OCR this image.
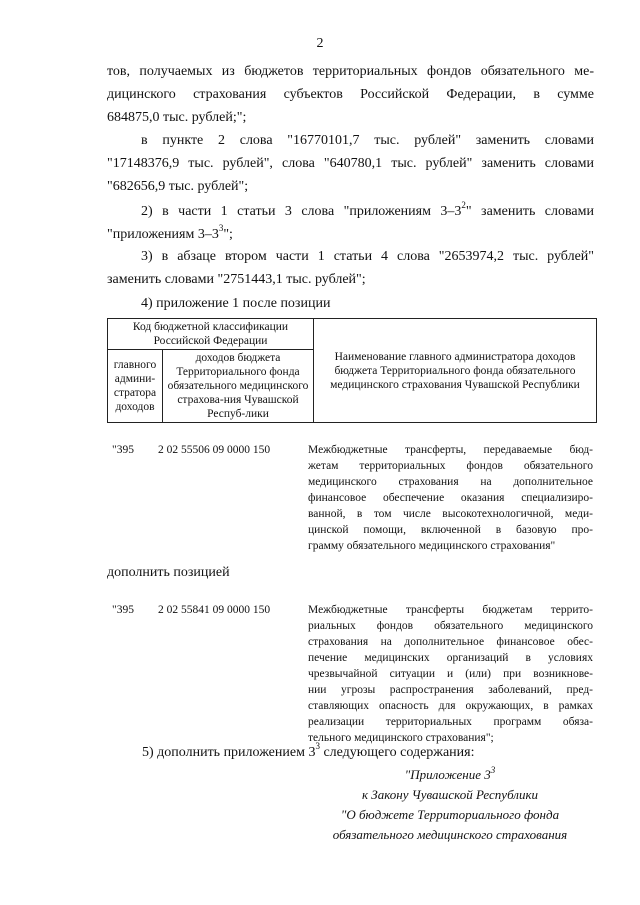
2
тов, получаемых из бюджетов территориальных фондов обязательного ме-
дицинского страхования субъектов Российской Федерации, в сумме
684875,0 тыс. рублей;";
в пункте 2 слова "16770101,7 тыс. рублей" заменить словами
"17148376,9 тыс. рублей", слова "640780,1 тыс. рублей" заменить словами
"682656,9 тыс. рублей";
2) в части 1 статьи 3 слова "приложениям $3-3^2$" заменить словами
"приложениям $3-3^3$";
3) в абзаце втором части 1 статьи 4 слова "2653974,2 тыс. рублей"
заменить словами "2751443,1 тыс. рублей";
4) приложение 1 после позиции
Код бюджетной классификации Российской Федерации		Наименование главного администратора доходов бюджета Территориального фонда обязательного медицинского страхования Чувашской Республики
главного админи-стратора доходов	доходов бюджета Территориального фонда обязательного медицинского страхова-ния Чувашской Респуб-лики	
"395	2 02 55506 09 0000 150	Межбюджетные трансферты, передаваемые бюд-
жетам территориальных фондов обязательного
медицинского страхования на дополнительное
финансовое обеспечение оказания специализиро-
ванной, в том числе высокотехнологичной, меди-
цинской помощи, включенной в базовую про-
грамму обязательного медицинского страхования"
дополнить позицией
"395	2 02 55841 09 0000 150	Межбюджетные трансферты бюджетам террито-
риальных фондов обязательного медицинского
страхования на дополнительное финансовое обес-
печение медицинских организаций в условиях
чрезвычайной ситуации и (или) при возникнове-
нии угрозы распространения заболеваний, пред-
ставляющих опасность для окружающих, в рамках
реализации территориальных программ обяза-
тельного медицинского страхования";
5) дополнить приложением $3^3$ следующего содержания:
"Приложение $3^3$
к Закону Чувашской Республики
"О бюджете Территориального фонда
обязательного медицинского страхования
